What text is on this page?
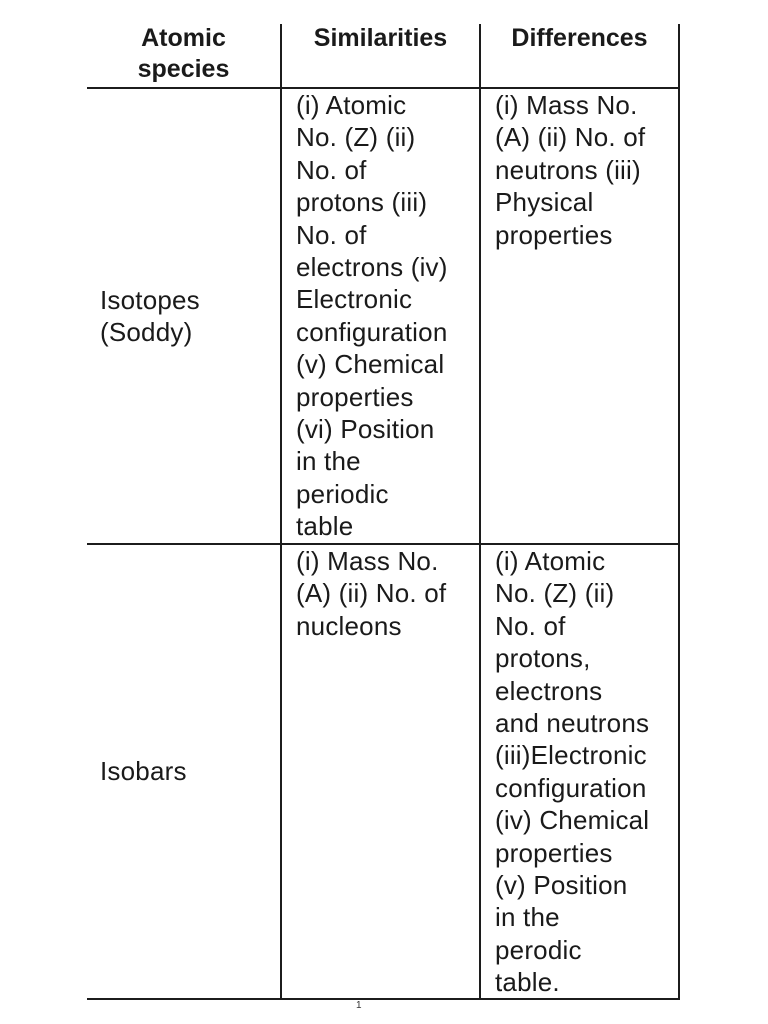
Atomic
species
Similarities	Differences
Isotopes
(Soddy)
(i) Atomic
No. (Z) (ii)
No. of
protons (iii)
No. of
electrons (iv)
Electronic
configuration
(v) Chemical
properties
(vi) Position
in the
periodic
table
(i) Mass No.
(A) (ii) No. of
neutrons (iii)
Physical
properties
Isobars
(i) Mass No.
(A) (ii) No. of
nucleons
(i) Atomic
No. (Z) (ii)
No. of
protons,
electrons
and neutrons
(iii)Electronic
configuration
(iv) Chemical
properties
(v) Position
in the
perodic
table.
1
